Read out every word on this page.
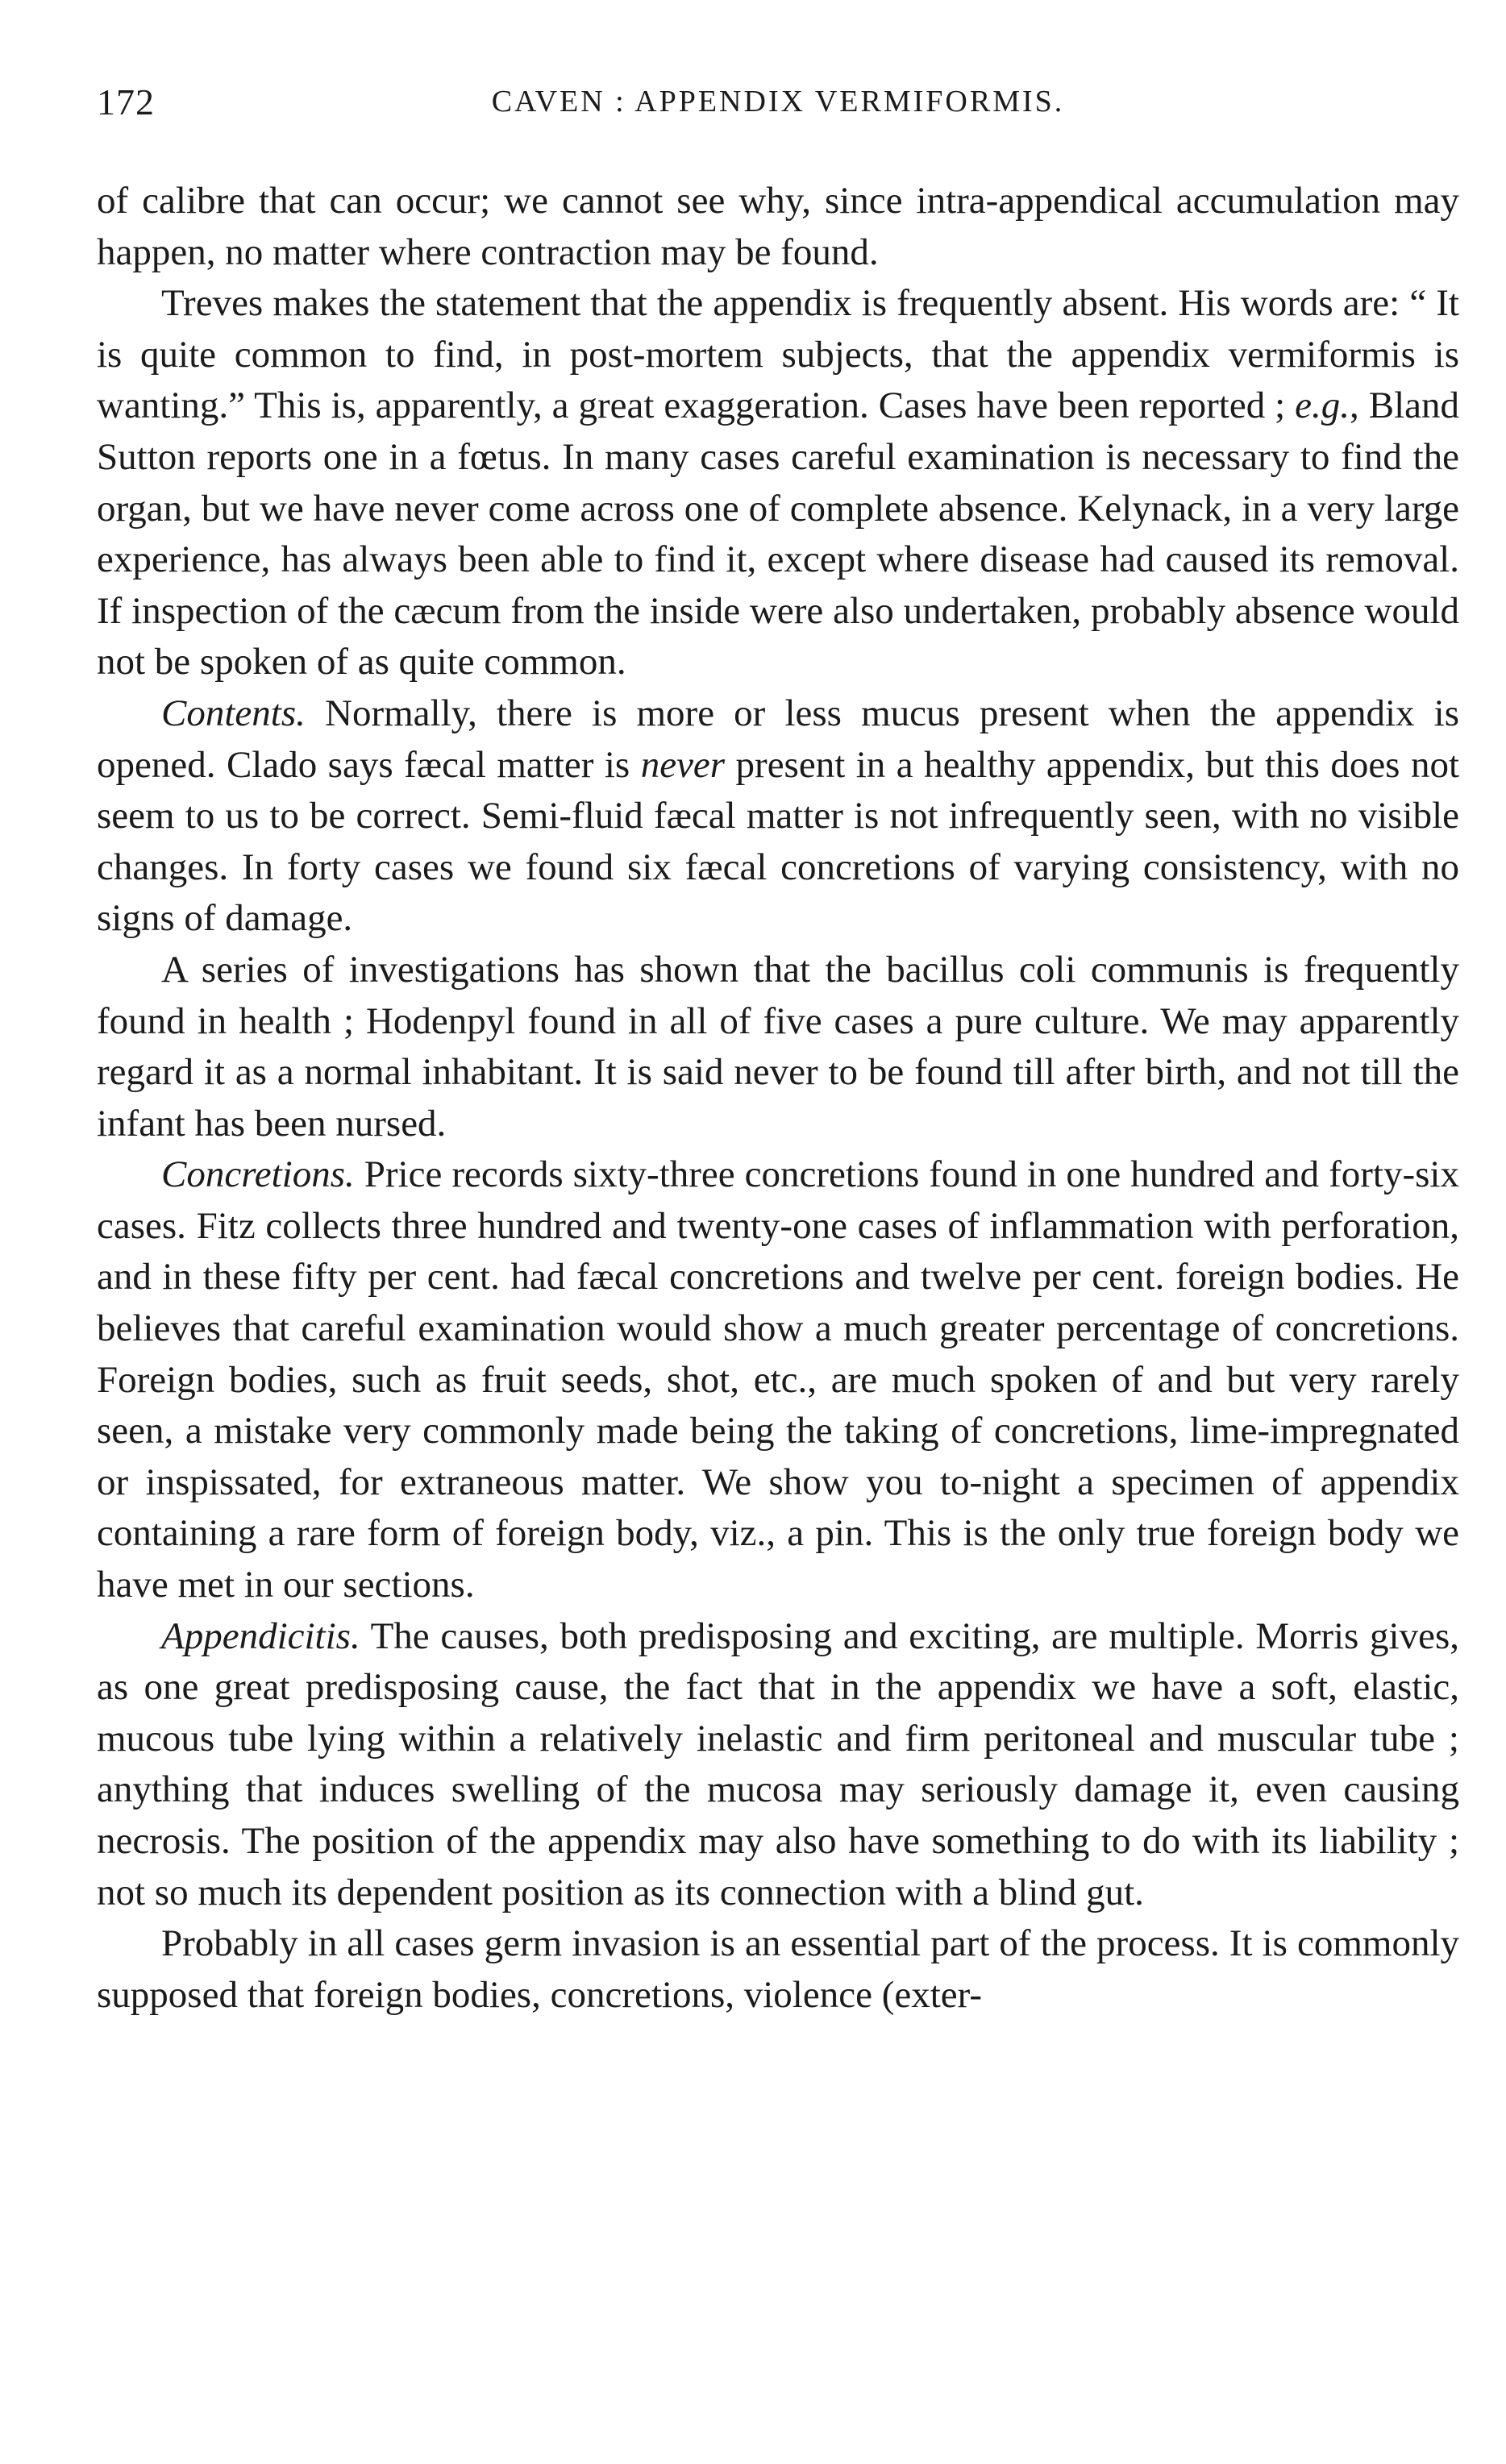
172	CAVEN : APPENDIX VERMIFORMIS.

of calibre that can occur; we cannot see why, since intra-appendical accumulation may happen, no matter where contraction may be found.

Treves makes the statement that the appendix is frequently absent. His words are: “ It is quite common to find, in post-mortem subjects, that the appendix vermiformis is wanting.” This is, apparently, a great exaggeration. Cases have been reported ; e.g., Bland Sutton reports one in a fœtus. In many cases careful examination is necessary to find the organ, but we have never come across one of complete absence. Kelynack, in a very large experience, has always been able to find it, except where disease had caused its removal. If inspection of the cæcum from the inside were also undertaken, probably absence would not be spoken of as quite common.

Contents. Normally, there is more or less mucus present when the appendix is opened. Clado says fæcal matter is never present in a healthy appendix, but this does not seem to us to be correct. Semi-fluid fæcal matter is not infrequently seen, with no visible changes. In forty cases we found six fæcal concretions of varying consistency, with no signs of damage.

A series of investigations has shown that the bacillus coli communis is frequently found in health ; Hodenpyl found in all of five cases a pure culture. We may apparently regard it as a normal inhabitant. It is said never to be found till after birth, and not till the infant has been nursed.

Concretions. Price records sixty-three concretions found in one hundred and forty-six cases. Fitz collects three hundred and twenty-one cases of inflammation with perforation, and in these fifty per cent. had fæcal concretions and twelve per cent. foreign bodies. He believes that careful examination would show a much greater percentage of concretions. Foreign bodies, such as fruit seeds, shot, etc., are much spoken of and but very rarely seen, a mistake very commonly made being the taking of concretions, lime-impregnated or inspissated, for extraneous matter. We show you to-night a specimen of appendix containing a rare form of foreign body, viz., a pin. This is the only true foreign body we have met in our sections.

Appendicitis. The causes, both predisposing and exciting, are multiple. Morris gives, as one great predisposing cause, the fact that in the appendix we have a soft, elastic, mucous tube lying within a relatively inelastic and firm peritoneal and muscular tube ; anything that induces swelling of the mucosa may seriously damage it, even causing necrosis. The position of the appendix may also have something to do with its liability ; not so much its dependent position as its connection with a blind gut.

Probably in all cases germ invasion is an essential part of the process. It is commonly supposed that foreign bodies, concretions, violence (exter-
